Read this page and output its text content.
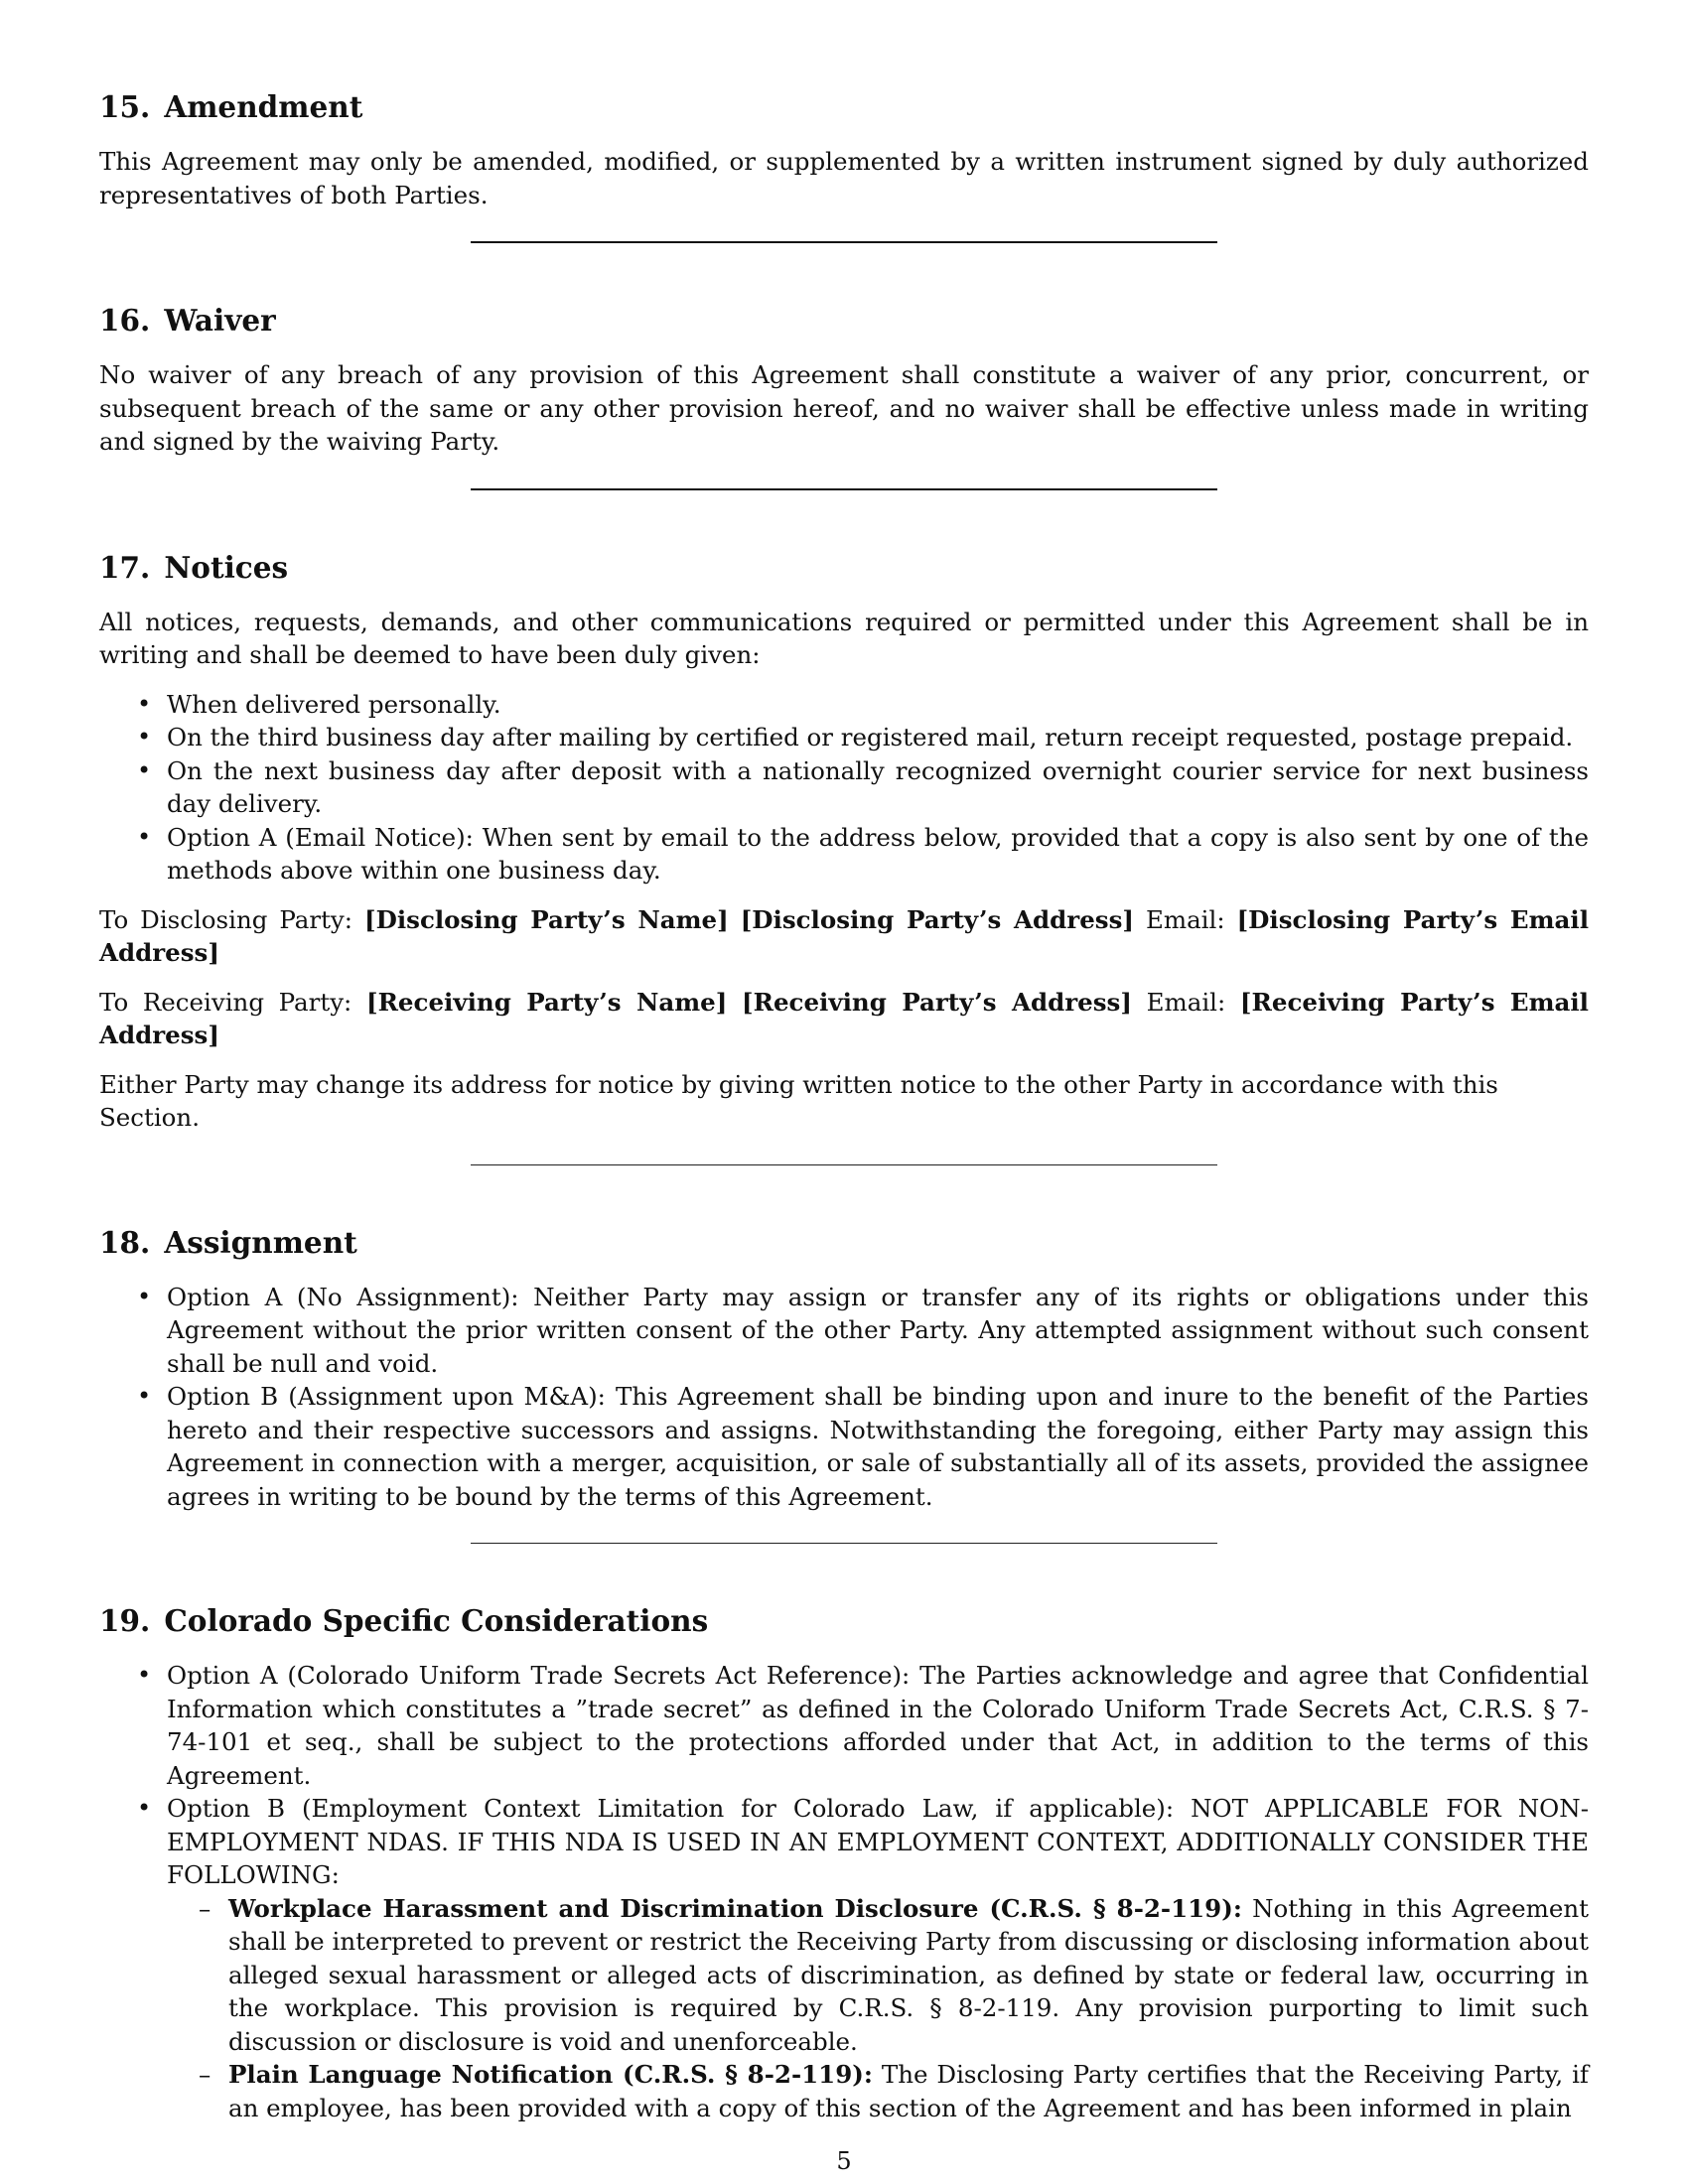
15. Amendment

This Agreement may only be amended, modified, or supplemented by a written instrument signed by duly authorized representatives of both Parties.

16. Waiver

No waiver of any breach of any provision of this Agreement shall constitute a waiver of any prior, concurrent, or subsequent breach of the same or any other provision hereof, and no waiver shall be effective unless made in writing and signed by the waiving Party.

17. Notices

All notices, requests, demands, and other communications required or permitted under this Agreement shall be in writing and shall be deemed to have been duly given:

• When delivered personally.
• On the third business day after mailing by certified or registered mail, return receipt requested, postage prepaid.
• On the next business day after deposit with a nationally recognized overnight courier service for next business day delivery.
• Option A (Email Notice): When sent by email to the address below, provided that a copy is also sent by one of the methods above within one business day.

To Disclosing Party: [Disclosing Party’s Name] [Disclosing Party’s Address] Email: [Disclosing Party’s Email Address]

To Receiving Party: [Receiving Party’s Name] [Receiving Party’s Address] Email: [Receiving Party’s Email Address]

Either Party may change its address for notice by giving written notice to the other Party in accordance with this Section.

18. Assignment
• Option A (No Assignment): Neither Party may assign or transfer any of its rights or obligations under this Agreement without the prior written consent of the other Party. Any attempted assignment without such consent shall be null and void.
• Option B (Assignment upon M&A): This Agreement shall be binding upon and inure to the benefit of the Parties hereto and their respective successors and assigns. Notwithstanding the foregoing, either Party may assign this Agreement in connection with a merger, acquisition, or sale of substantially all of its assets, provided the assignee agrees in writing to be bound by the terms of this Agreement.
19. Colorado Specific Considerations
• Option A (Colorado Uniform Trade Secrets Act Reference): The Parties acknowledge and agree that Confidential Information which constitutes a ”trade secret” as defined in the Colorado Uniform Trade Secrets Act, C.R.S. § 7-74-101 et seq., shall be subject to the protections afforded under that Act, in addition to the terms of this Agreement.
• Option B (Employment Context Limitation for Colorado Law, if applicable): NOT APPLICABLE FOR NON-EMPLOYMENT NDAS. IF THIS NDA IS USED IN AN EMPLOYMENT CONTEXT, ADDITIONALLY CONSIDER THE FOLLOWING:
– Workplace Harassment and Discrimination Disclosure (C.R.S. § 8-2-119): Nothing in this Agreement shall be interpreted to prevent or restrict the Receiving Party from discussing or disclosing information about alleged sexual harassment or alleged acts of discrimination, as defined by state or federal law, occurring in the workplace. This provision is required by C.R.S. § 8-2-119. Any provision purporting to limit such discussion or disclosure is void and unenforceable.
– Plain Language Notification (C.R.S. § 8-2-119): The Disclosing Party certifies that the Receiving Party, if an employee, has been provided with a copy of this section of the Agreement and has been informed in plain
5
